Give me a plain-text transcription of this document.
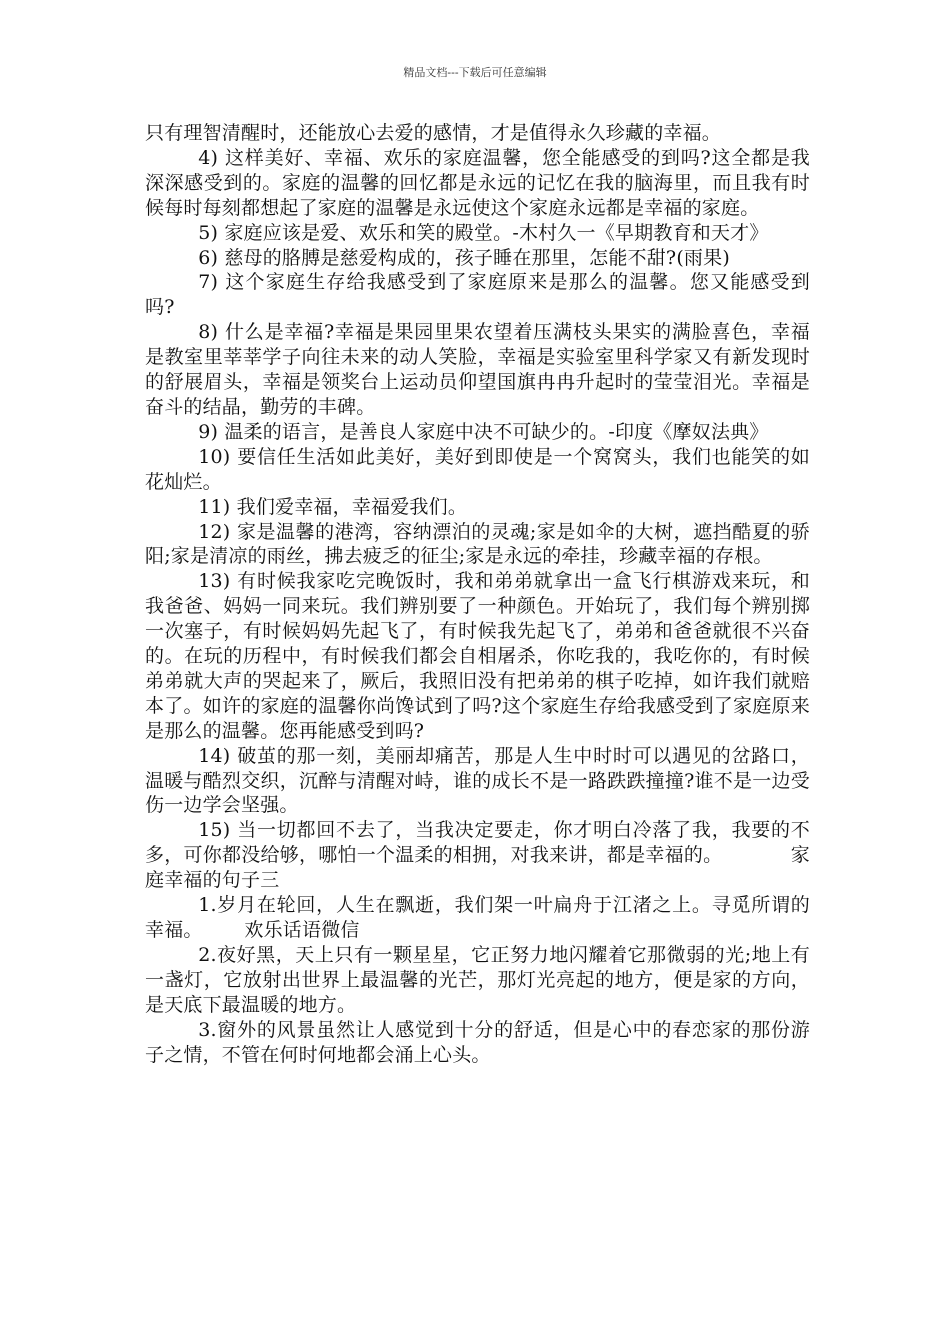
精品文档---下载后可任意编辑

只有理智清醒时，还能放心去爱的感情，才是值得永久珍藏的幸福。

4) 这样美好、幸福、欢乐的家庭温馨，您全能感受的到吗?这全都是我深深感受到的。家庭的温馨的回忆都是永远的记忆在我的脑海里，而且我有时候每时每刻都想起了家庭的温馨是永远使这个家庭永远都是幸福的家庭。

5) 家庭应该是爱、欢乐和笑的殿堂。-木村久一《早期教育和天才》

6) 慈母的胳膊是慈爱构成的，孩子睡在那里，怎能不甜?(雨果)

7) 这个家庭生存给我感受到了家庭原来是那么的温馨。您又能感受到吗?

8) 什么是幸福?幸福是果园里果农望着压满枝头果实的满脸喜色，幸福是教室里莘莘学子向往未来的动人笑脸，幸福是实验室里科学家又有新发现时的舒展眉头，幸福是领奖台上运动员仰望国旗冉冉升起时的莹莹泪光。幸福是奋斗的结晶，勤劳的丰碑。

9) 温柔的语言，是善良人家庭中决不可缺少的。-印度《摩奴法典》

10) 要信任生活如此美好，美好到即使是一个窝窝头，我们也能笑的如花灿烂。

11) 我们爱幸福，幸福爱我们。

12) 家是温馨的港湾，容纳漂泊的灵魂;家是如伞的大树，遮挡酷夏的骄阳;家是清凉的雨丝，拂去疲乏的征尘;家是永远的牵挂，珍藏幸福的存根。

13) 有时候我家吃完晚饭时，我和弟弟就拿出一盒飞行棋游戏来玩，和我爸爸、妈妈一同来玩。我们辨别要了一种颜色。开始玩了，我们每个辨别掷一次塞子，有时候妈妈先起飞了，有时候我先起飞了，弟弟和爸爸就很不兴奋的。在玩的历程中，有时候我们都会自相屠杀，你吃我的，我吃你的，有时候弟弟就大声的哭起来了，厥后，我照旧没有把弟弟的棋子吃掉，如许我们就赔本了。如许的家庭的温馨你尚馋试到了吗?这个家庭生存给我感受到了家庭原来是那么的温馨。您再能感受到吗?

14) 破茧的那一刻，美丽却痛苦，那是人生中时时可以遇见的岔路口，温暖与酷烈交织，沉醉与清醒对峙，谁的成长不是一路跌跌撞撞?谁不是一边受伤一边学会坚强。

15) 当一切都回不去了，当我决定要走，你才明白冷落了我，我要的不多，可你都没给够，哪怕一个温柔的相拥，对我来讲，都是幸福的。	家庭幸福的句子三

1.岁月在轮回，人生在飘逝，我们架一叶扁舟于江渚之上。寻觅所谓的幸福。 欢乐话语微信

2.夜好黑，天上只有一颗星星，它正努力地闪耀着它那微弱的光;地上有一盏灯，它放射出世界上最温馨的光芒，那灯光亮起的地方，便是家的方向，是天底下最温暖的地方。

3.窗外的风景虽然让人感觉到十分的舒适，但是心中的春恋家的那份游子之情，不管在何时何地都会涌上心头。
